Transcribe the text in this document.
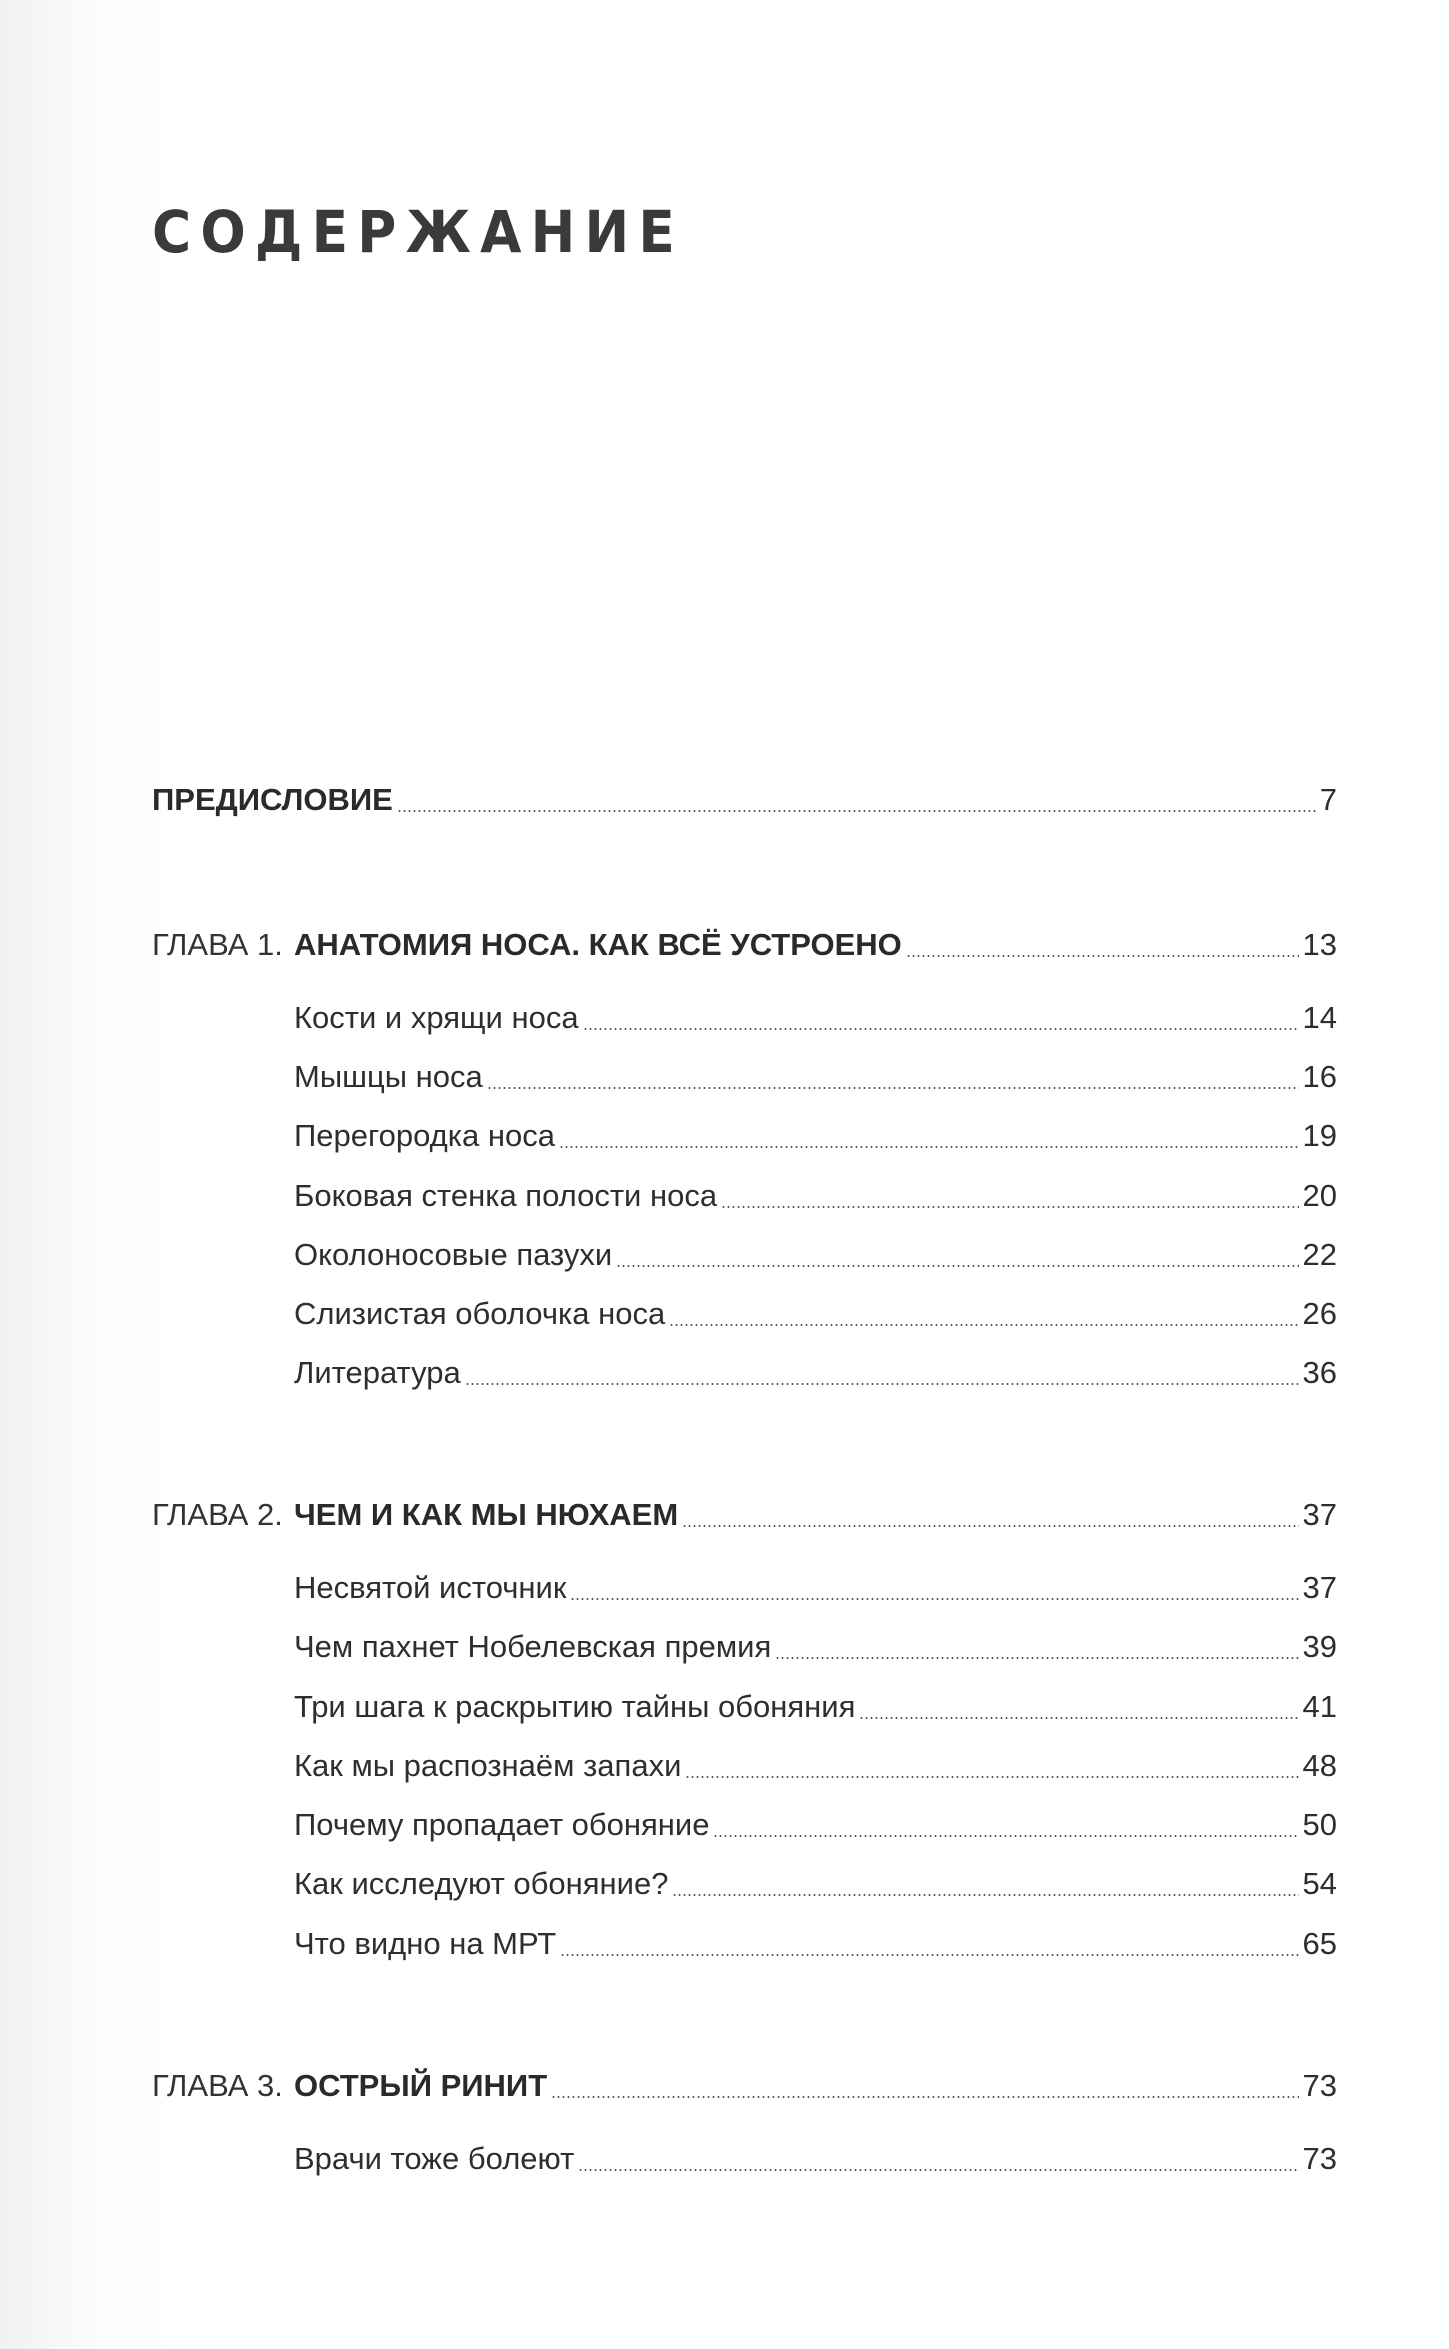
СОДЕРЖАНИЕ
ПРЕДИСЛОВИЕ	7
ГЛАВА 1. АНАТОМИЯ НОСА. КАК ВСЁ УСТРОЕНО	13
Кости и хрящи носа	14
Мышцы носа	16
Перегородка носа	19
Боковая стенка полости носа	20
Околоносовые пазухи	22
Слизистая оболочка носа	26
Литература	36
ГЛАВА 2. ЧЕМ И КАК МЫ НЮХАЕМ	37
Несвятой источник	37
Чем пахнет Нобелевская премия	39
Три шага к раскрытию тайны обоняния	41
Как мы распознаём запахи	48
Почему пропадает обоняние	50
Как исследуют обоняние?	54
Что видно на МРТ	65
ГЛАВА 3. ОСТРЫЙ РИНИТ	73
Врачи тоже болеют	73
